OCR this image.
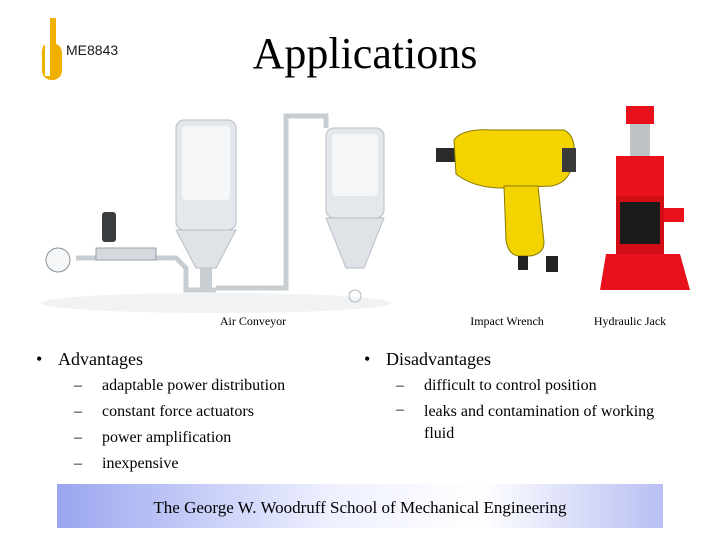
ME8843	Applications
Air Conveyor	Impact Wrench	Hydraulic Jack
• Advantages
– adaptable power distribution
– constant force actuators
– power amplification
– inexpensive
• Disadvantages
– difficult to control position
– leaks and contamination of working fluid
The George W. Woodruff School of Mechanical Engineering
